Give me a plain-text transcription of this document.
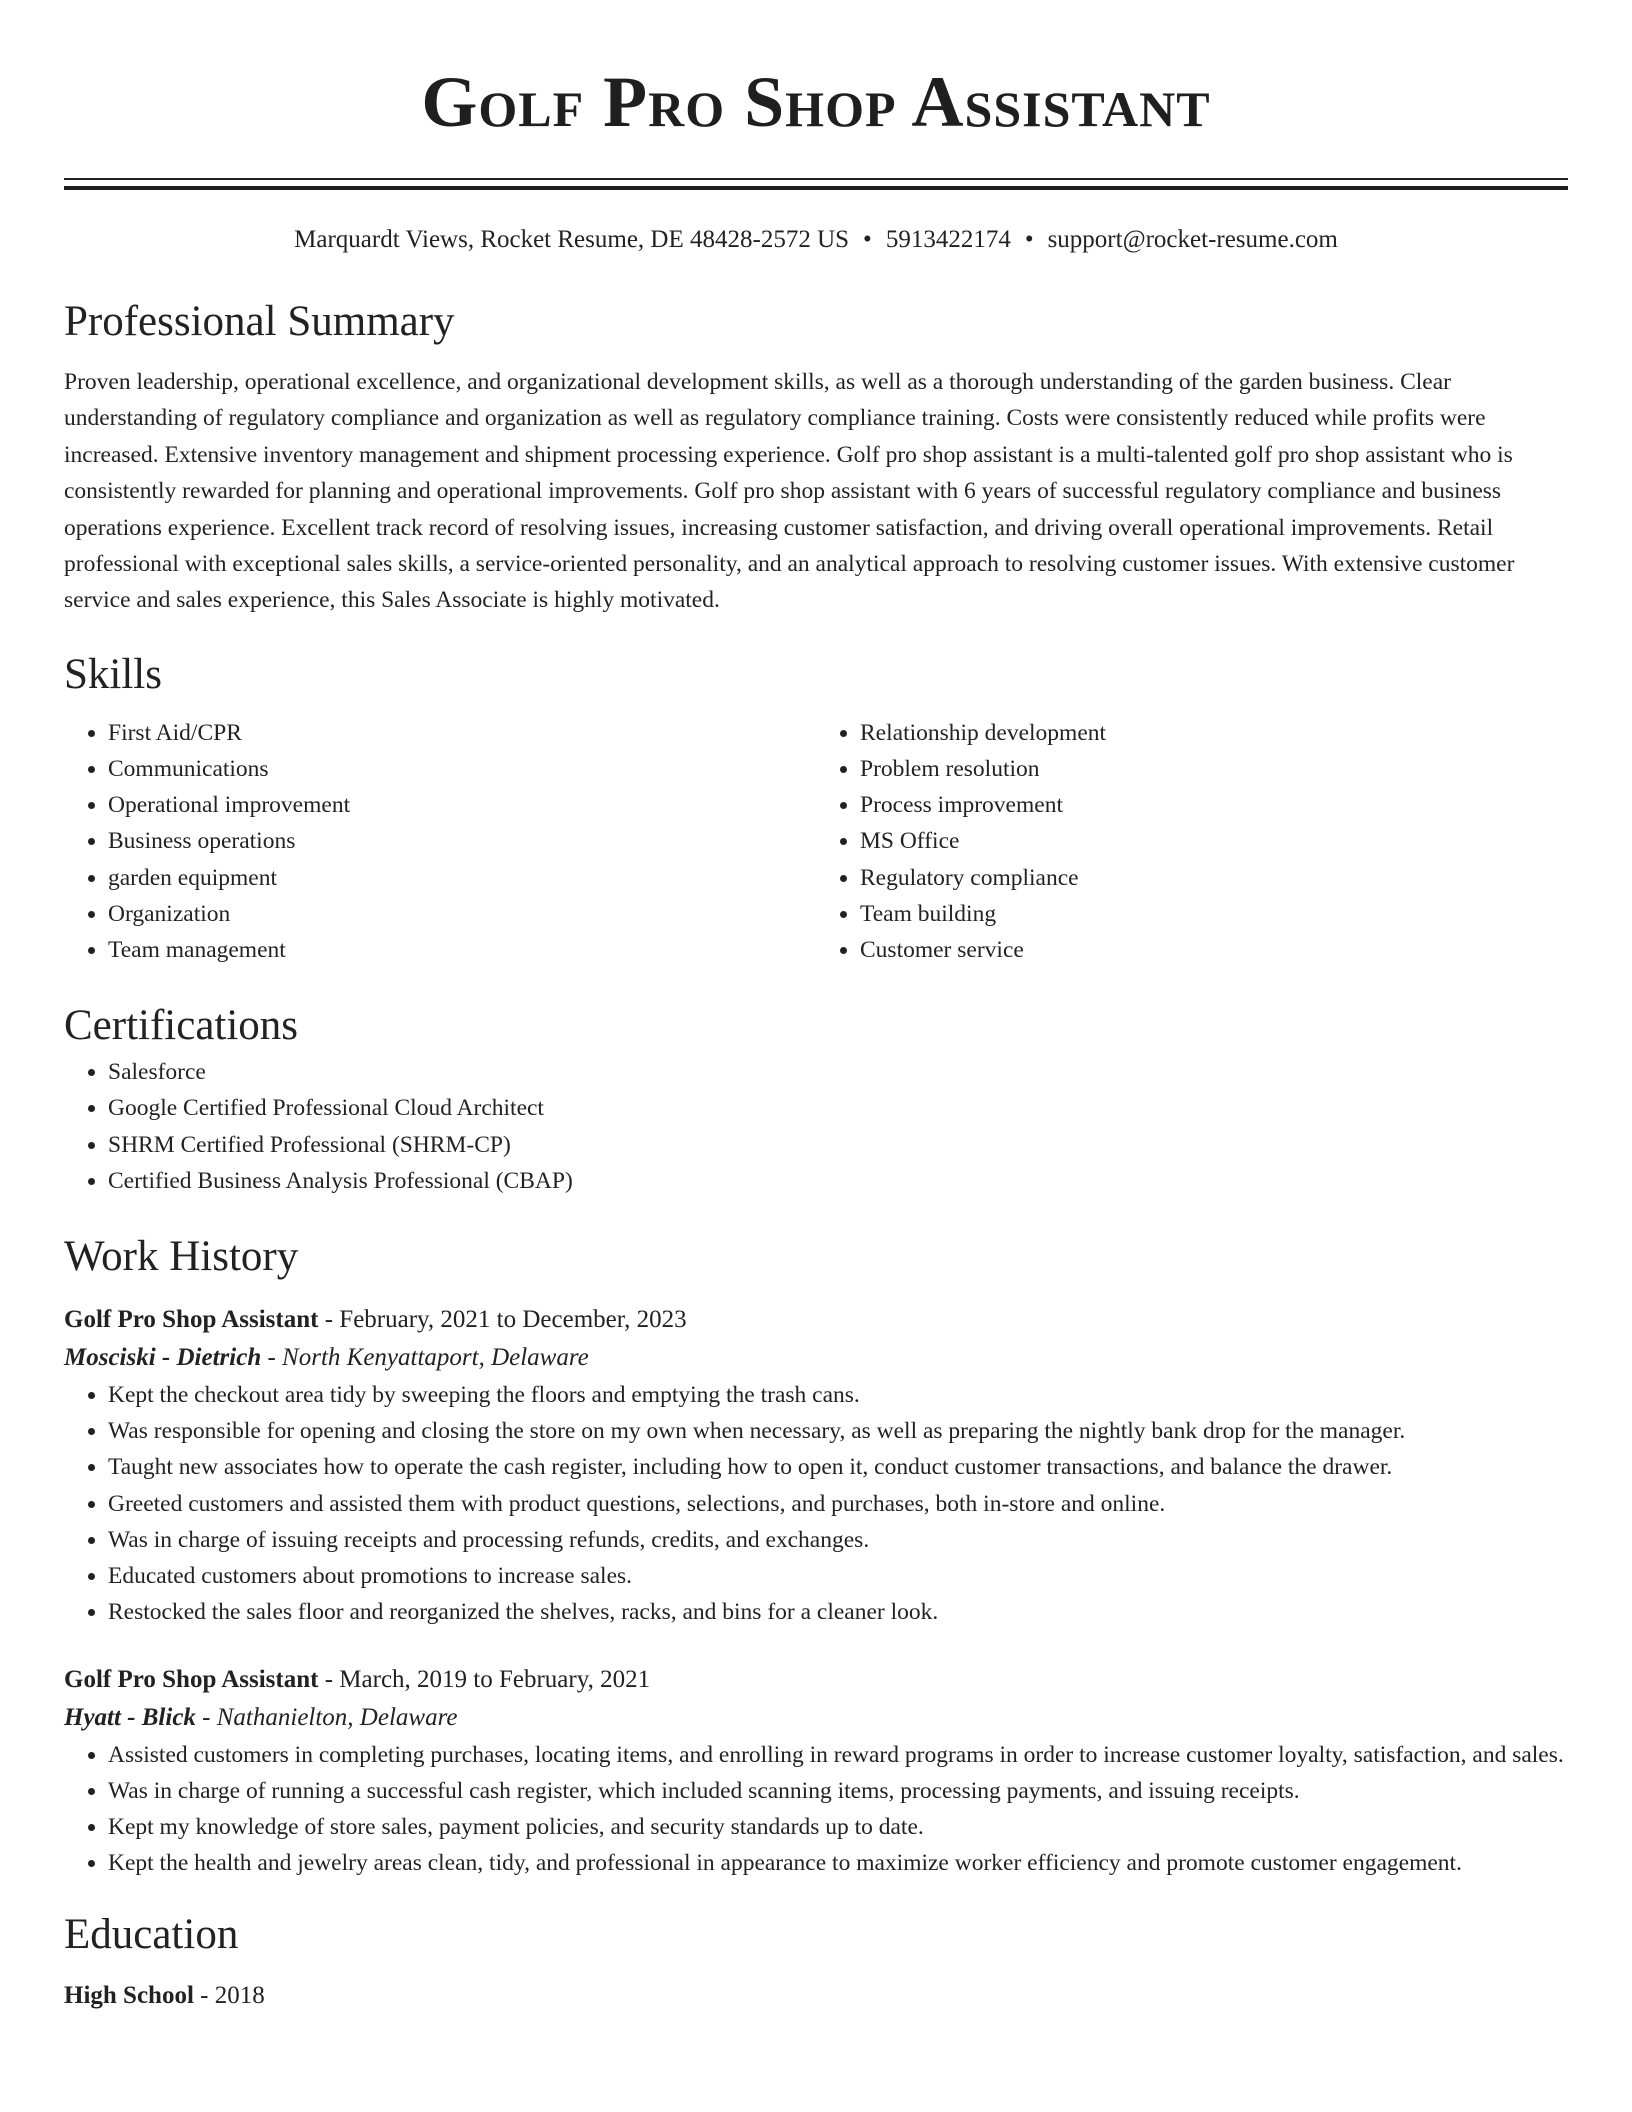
Golf Pro Shop Assistant
Marquardt Views, Rocket Resume, DE 48428-2572 US • 5913422174 • support@rocket-resume.com
Professional Summary

Proven leadership, operational excellence, and organizational development skills, as well as a thorough understanding of the garden business. Clear understanding of regulatory compliance and organization as well as regulatory compliance training. Costs were consistently reduced while profits were increased. Extensive inventory management and shipment processing experience. Golf pro shop assistant is a multi-talented golf pro shop assistant who is consistently rewarded for planning and operational improvements. Golf pro shop assistant with 6 years of successful regulatory compliance and business operations experience. Excellent track record of resolving issues, increasing customer satisfaction, and driving overall operational improvements. Retail professional with exceptional sales skills, a service-oriented personality, and an analytical approach to resolving customer issues. With extensive customer service and sales experience, this Sales Associate is highly motivated.

Skills
• First Aid/CPR
• Communications
• Operational improvement
• Business operations
• garden equipment
• Organization
• Team management
• Relationship development
• Problem resolution
• Process improvement
• MS Office
• Regulatory compliance
• Team building
• Customer service
Certifications
• Salesforce
• Google Certified Professional Cloud Architect
• SHRM Certified Professional (SHRM-CP)
• Certified Business Analysis Professional (CBAP)
Work History
Golf Pro Shop Assistant - February, 2021 to December, 2023
Mosciski - Dietrich - North Kenyattaport, Delaware
• Kept the checkout area tidy by sweeping the floors and emptying the trash cans.
• Was responsible for opening and closing the store on my own when necessary, as well as preparing the nightly bank drop for the manager.
• Taught new associates how to operate the cash register, including how to open it, conduct customer transactions, and balance the drawer.
• Greeted customers and assisted them with product questions, selections, and purchases, both in-store and online.
• Was in charge of issuing receipts and processing refunds, credits, and exchanges.
• Educated customers about promotions to increase sales.
• Restocked the sales floor and reorganized the shelves, racks, and bins for a cleaner look.
Golf Pro Shop Assistant - March, 2019 to February, 2021
Hyatt - Blick - Nathanielton, Delaware
• Assisted customers in completing purchases, locating items, and enrolling in reward programs in order to increase customer loyalty, satisfaction, and sales.
• Was in charge of running a successful cash register, which included scanning items, processing payments, and issuing receipts.
• Kept my knowledge of store sales, payment policies, and security standards up to date.
• Kept the health and jewelry areas clean, tidy, and professional in appearance to maximize worker efficiency and promote customer engagement.
Education
High School - 2018
